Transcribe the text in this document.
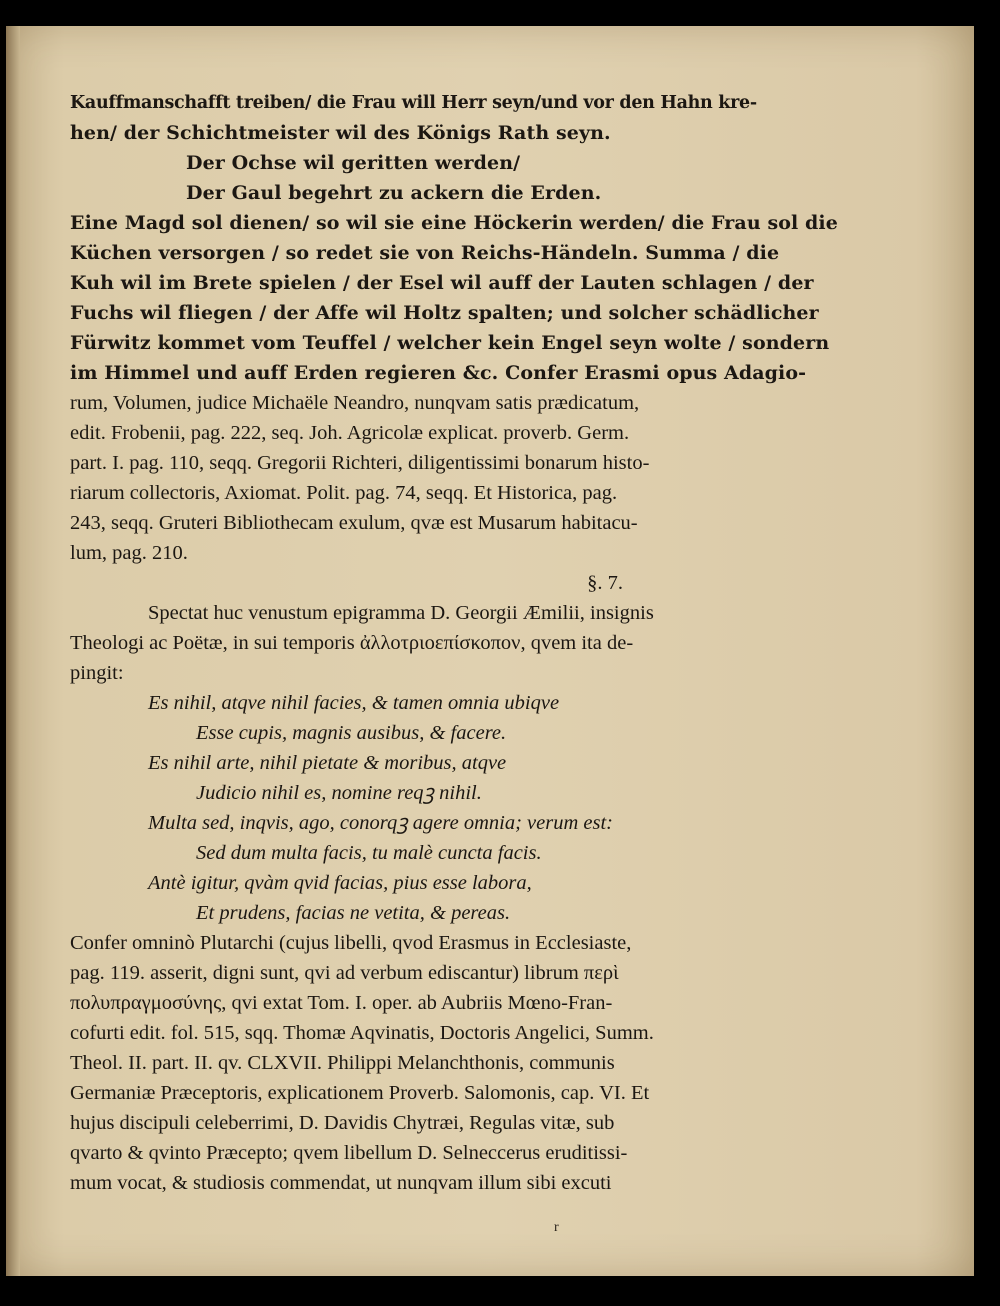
Kauffmanschafft treiben/ die Frau will Herr seyn/und vor den Hahn kre-
hen/ der Schichtmeister wil des Königs Rath seyn.
Der Ochse wil geritten werden/
Der Gaul begehrt zu ackern die Erden.
Eine Magd sol dienen/ so wil sie eine Höckerin werden/ die Frau sol die
Küchen versorgen / so redet sie von Reichs-Händeln. Summa / die
Kuh wil im Brete spielen / der Esel wil auff der Lauten schlagen / der
Fuchs wil fliegen / der Affe wil Holtz spalten; und solcher schädlicher
Fürwitz kommet vom Teuffel / welcher kein Engel seyn wolte / sondern
im Himmel und auff Erden regieren &c. Confer Erasmi opus Adagio-
rum, Volumen, judice Michaële Neandro, nunqvam satis prædicatum,
edit. Frobenii, pag. 222, seq. Joh. Agricolæ explicat. proverb. Germ.
part. I. pag. 110, seqq. Gregorii Richteri, diligentissimi bonarum histo-
riarum collectoris, Axiomat. Polit. pag. 74, seqq. Et Historica, pag.
243, seqq. Gruteri Bibliothecam exulum, qvæ est Musarum habitacu-
lum, pag. 210.
§. 7.
Spectat huc venustum epigramma D. Georgii Æmilii, insignis
Theologi ac Poëtæ, in sui temporis ἀλλοτριοεπίσκοπον, qvem ita de-
pingit:
Es nihil, atqve nihil facies, & tamen omnia ubiqve
Esse cupis, magnis ausibus, & facere.
Es nihil arte, nihil pietate & moribus, atqve
Judicio nihil es, nomine reqꝫ nihil.
Multa sed, inqvis, ago, conorqꝫ agere omnia; verum est:
Sed dum multa facis, tu malè cuncta facis.
Antè igitur, qvàm qvid facias, pius esse labora,
Et prudens, facias ne vetita, & pereas.
Confer omninò Plutarchi (cujus libelli, qvod Erasmus in Ecclesiaste,
pag. 119. asserit, digni sunt, qvi ad verbum ediscantur) librum περὶ
πολυπραγμοσύνης, qvi extat Tom. I. oper. ab Aubriis Mœno-Fran-
cofurti edit. fol. 515, sqq. Thomæ Aqvinatis, Doctoris Angelici, Summ.
Theol. II. part. II. qv. CLXVII. Philippi Melanchthonis, communis
Germaniæ Præceptoris, explicationem Proverb. Salomonis, cap. VI. Et
hujus discipuli celeberrimi, D. Davidis Chytræi, Regulas vitæ, sub
qvarto & qvinto Præcepto; qvem libellum D. Selneccerus eruditissi-
mum vocat, & studiosis commendat, ut nunqvam illum sibi excuti
r
